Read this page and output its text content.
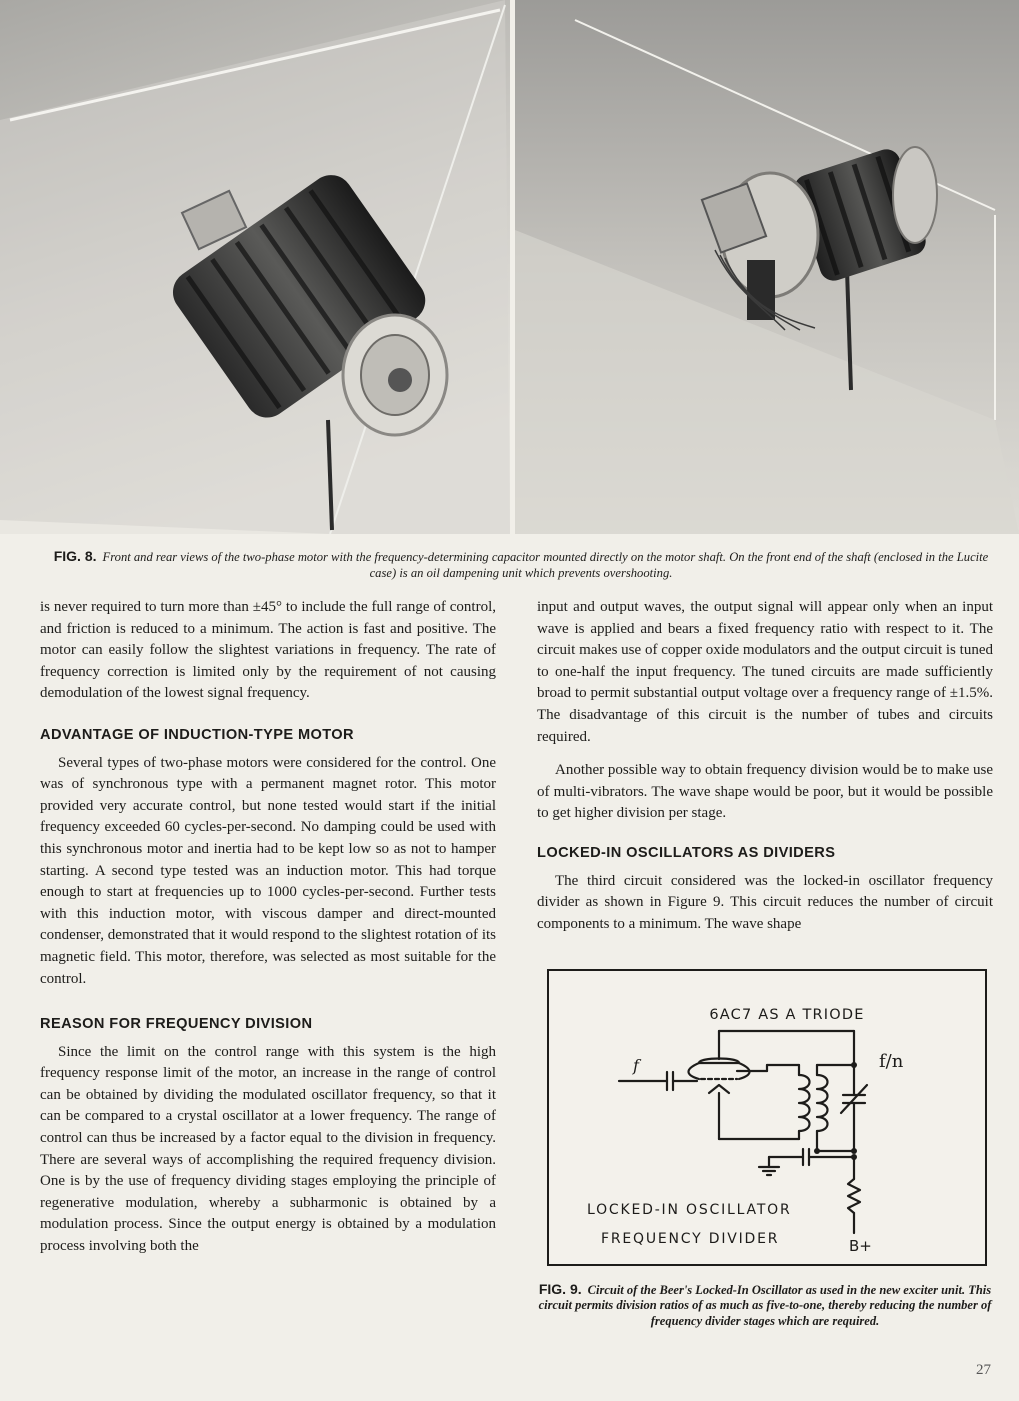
FIG. 8. Front and rear views of the two-phase motor with the frequency-determining capacitor mounted directly on the motor shaft. On the front end of the shaft (enclosed in the Lucite case) is an oil dampening unit which prevents overshooting.

is never required to turn more than ±45° to include the full range of control, and friction is reduced to a minimum. The action is fast and positive. The motor can easily follow the slightest variations in frequency. The rate of frequency correction is limited only by the requirement of not causing demodulation of the lowest signal frequency.

ADVANTAGE OF INDUCTION-TYPE MOTOR

Several types of two-phase motors were considered for the control. One was of synchronous type with a permanent magnet rotor. This motor provided very accurate control, but none tested would start if the initial frequency exceeded 60 cycles-per-second. No damping could be used with this synchronous motor and inertia had to be kept low so as not to hamper starting. A second type tested was an induction motor. This had torque enough to start at frequencies up to 1000 cycles-per-second. Further tests with this induction motor, with viscous damper and direct-mounted condenser, demonstrated that it would respond to the slightest rotation of its magnetic field. This motor, therefore, was selected as most suitable for the control.

REASON FOR FREQUENCY DIVISION

Since the limit on the control range with this system is the high frequency response limit of the motor, an increase in the range of control can be obtained by dividing the modulated oscillator frequency, so that it can be compared to a crystal oscillator at a lower frequency. The range of control can thus be increased by a factor equal to the division in frequency. There are several ways of accomplishing the required frequency division. One is by the use of frequency dividing stages employing the principle of regenerative modulation, whereby a subharmonic is obtained by a modulation process. Since the output energy is obtained by a modulation process involving both the

input and output waves, the output signal will appear only when an input wave is applied and bears a fixed frequency ratio with respect to it. The circuit makes use of copper oxide modulators and the output circuit is tuned to one-half the input frequency. The tuned circuits are made sufficiently broad to permit substantial output voltage over a frequency range of ±1.5%. The disadvantage of this circuit is the number of tubes and circuits required.

Another possible way to obtain frequency division would be to make use of multi-vibrators. The wave shape would be poor, but it would be possible to get higher division per stage.

LOCKED-IN OSCILLATORS AS DIVIDERS

The third circuit considered was the locked-in oscillator frequency divider as shown in Figure 9. This circuit reduces the number of circuit components to a minimum. The wave shape

6AC7 AS A TRIODE
f	f/n
LOCKED-IN OSCILLATOR
FREQUENCY DIVIDER	B+
FIG. 9. Circuit of the Beer's Locked-In Oscillator as used in the new exciter unit. This circuit permits division ratios of as much as five-to-one, thereby reducing the number of frequency divider stages which are required.
27
